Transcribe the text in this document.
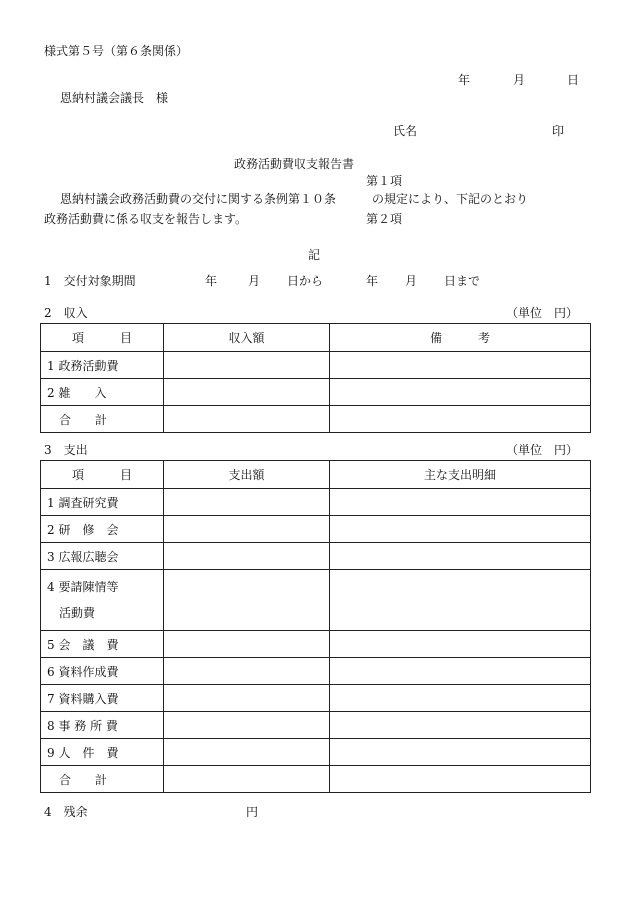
様式第５号（第６条関係）
年	月	日
恩納村議会議長　様
氏名	印
政務活動費収支報告書
第１項
恩納村議会政務活動費の交付に関する条例第１０条　　　の規定により、下記のとおり
政務活動費に係る収支を報告します。	第２項
記
1　交付対象期間	年	月 日から	年 月 日まで
2　収入	（単位　円）
項　　　目	収入額	備　　　考
1 政務活動費		
2 雑　　入		
　合　　計		
3　支出	（単位　円）
項　　　目	支出額	主な支出明細
1 調査研究費		
2 研　修　会		
3 広報広聴会		

4 要請陳情等
　活動費		

5 会　議　費		
6 資料作成費		
7 資料購入費		
8 事 務 所 費		
9 人　件　費		
　合　　計		
4　残余	円
